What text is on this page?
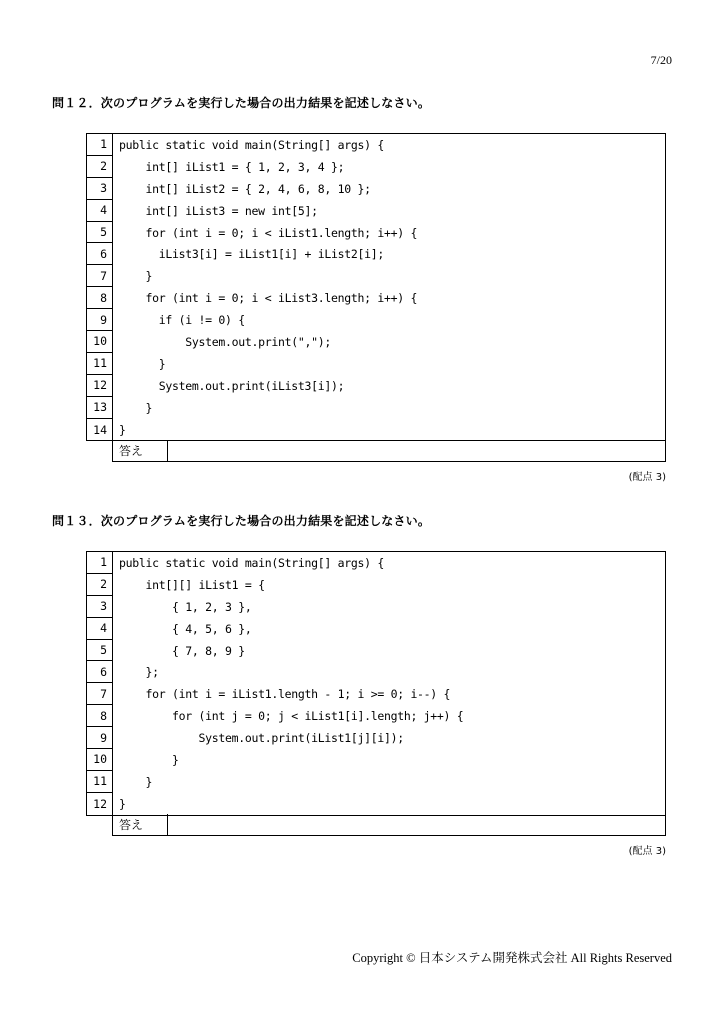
7/20
問１２．次のプログラムを実行した場合の出力結果を記述しなさい。
1	public static void main(String[] args) {
2	int[] iList1 = { 1, 2, 3, 4 };
3	int[] iList2 = { 2, 4, 6, 8, 10 };
4	int[] iList3 = new int[5];
5	for (int i = 0; i < iList1.length; i++) {
6	iList3[i] = iList1[i] + iList2[i];
7	}
8	for (int i = 0; i < iList3.length; i++) {
9	if (i != 0) {
10	System.out.print(",");
11	}
12	System.out.print(iList3[i]);
13	}
14	}
答え
(配点 3)
問１３．次のプログラムを実行した場合の出力結果を記述しなさい。
1	public static void main(String[] args) {
2	int[][] iList1 = {
3	{ 1, 2, 3 },
4	{ 4, 5, 6 },
5	{ 7, 8, 9 }
6	};
7	for (int i = iList1.length - 1; i >= 0; i--) {
8	for (int j = 0; j < iList1[i].length; j++) {
9	System.out.print(iList1[j][i]);
10	}
11	}
12	}
答え
(配点 3)
Copyright © 日本システム開発株式会社 All Rights Reserved
